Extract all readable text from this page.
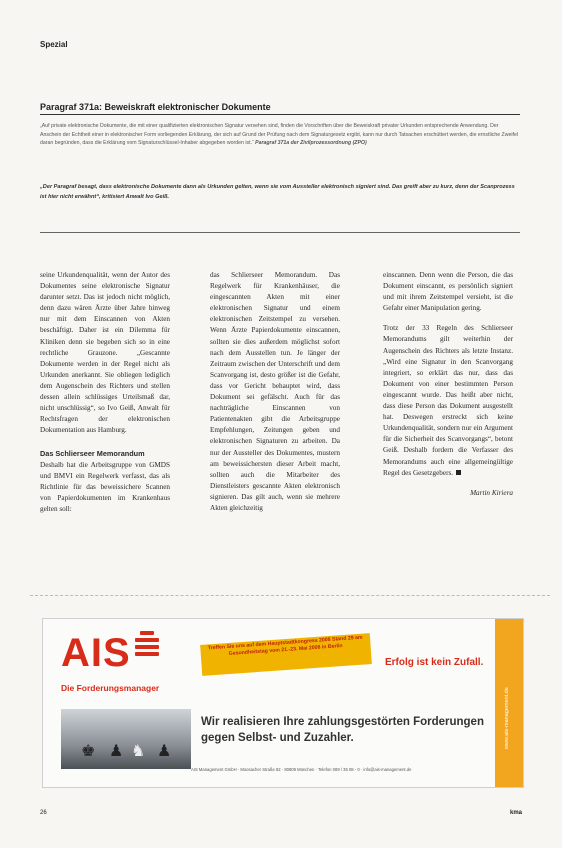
Spezial
Paragraf 371a: Beweiskraft elektronischer Dokumente
„Auf private elektronische Dokumente, die mit einer qualifizierten elektronischen Signatur versehen sind, finden die Vorschriften über die Beweiskraft privater Urkunden entsprechende Anwendung. Der Anschein der Echtheit einer in elektronischer Form vorliegenden Erklärung, der sich auf Grund der Prüfung nach dem Signaturgesetz ergibt, kann nur durch Tatsachen erschüttert werden, die ernstliche Zweifel daran begründen, dass die Erklärung vom Signaturschlüssel-Inhaber abgegeben worden ist.“ Paragraf 371a der Zivilprozessordnung (ZPO)
„Der Paragraf besagt, dass elektronische Dokumente dann als Urkunden gelten, wenn sie vom Aussteller elektronisch signiert sind. Das greift aber zu kurz, denn der Scanprozess ist hier nicht erwähnt“, kritisiert Anwalt Ivo Geiß.

seine Urkundenqualität, wenn der Autor des Dokumentes seine elektronische Signatur darunter setzt. Das ist jedoch nicht möglich, denn dazu wären Ärzte über Jahre hinweg nur mit dem Einscannen von Akten beschäftigt. Daher ist ein Dilemma für Kliniken denn sie begeben sich so in eine rechtliche Grauzone. „Gescannte Dokumente werden in der Regel nicht als Urkunden anerkannt. Sie obliegen lediglich dem Augenschein des Richters und stellen dessen allein schlüssiges Urteilsmaß dar, nicht unschlüssig“, so Ivo Geiß, Anwalt für Rechtsfragen der elektronischen Dokumentation aus Hamburg.

Das Schlierseer Memorandum

Deshalb hat die Arbeitsgruppe von GMDS und BMVI ein Regelwerk verfasst, das als Richtlinie für das beweissichere Scannen von Papierdokumenten im Krankenhaus gelten soll:

das Schlierseer Memorandum. Das Regelwerk für Krankenhäuser, die eingescannten Akten mit einer elektronischen Signatur und einem elektronischen Zeitstempel zu versehen. Wenn Ärzte Papierdokumente einscannen, sollten sie dies außerdem möglichst sofort nach dem Ausstellen tun. Je länger der Zeitraum zwischen der Unterschrift und dem Scanvorgang ist, desto größer ist die Gefahr, dass vor Gericht behauptet wird, dass Dokument sei gefälscht. Auch für das nachträgliche Einscannen von Patientenakten gibt die Arbeitsgruppe Empfehlungen, Zeitungen geben und elektronischen Signaturen zu arbeiten. Da nur der Aussteller des Dokumentes, mustern am beweissichersten dieser Arbeit macht, sollten auch die Mitarbeiter des Dienstleisters gescannte Akten elektronisch signieren. Das gilt auch, wenn sie mehrere Akten gleichzeitig

einscannen. Denn wenn die Person, die das Dokument einscannt, es persönlich signiert und mit ihrem Zeitstempel versieht, ist die Gefahr einer Manipulation gering.

Trotz der 33 Regeln des Schlierseer Memorandums gilt weiterhin der Augenschein des Richters als letzte Instanz. „Wird eine Signatur in den Scanvorgang integriert, so erklärt das nur, dass das Dokument von einer bestimmten Person eingescannt wurde. Das heißt aber nicht, dass diese Person das Dokument ausgestellt hat. Deswegen erstreckt sich keine Urkundenqualität, sondern nur ein Argument für die Sicherheit des Scanvorgangs“, betont Geiß. Deshalb fordern die Verfasser des Memorandums auch eine allgemeingültige Regel des Gesetzgebers.

Martin Kiriera
AIS
Die Forderungsmanager
Treffen Sie uns auf dem Hauptstadtkongress 2008 Stand 29 am Gesundheitstag vom 21.-23. Mai 2008 in Berlin
Erfolg ist kein Zufall.
♚ ♟ ♞ ♟
Wir realisieren Ihre zahlungsgestörten Forderungen gegen Selbst- und Zuzahler.
AIS Management GmbH · Moosacher Straße 82 · 80809 München · Telefon 089 / 35 08 - 0 · info@ais-management.de
www.ais-management.de
26	kma
